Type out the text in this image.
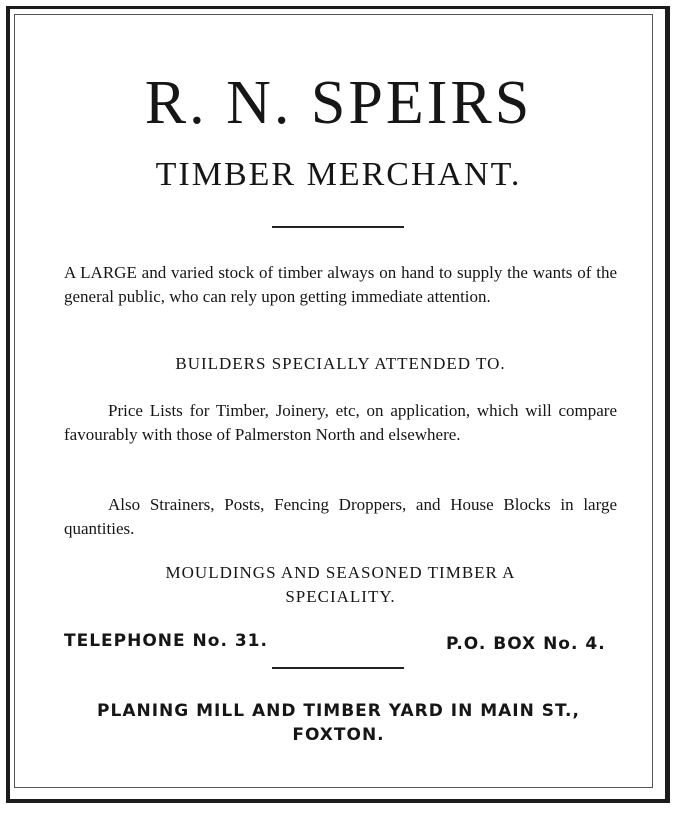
R. N. SPEIRS
TIMBER MERCHANT.
A LARGE and varied stock of timber always on hand to supply the wants of the general public, who can rely upon getting immediate attention.
BUILDERS SPECIALLY ATTENDED TO.
Price Lists for Timber, Joinery, etc, on application, which will compare favourably with those of Palmerston North and elsewhere.
Also Strainers, Posts, Fencing Droppers, and House Blocks in large quantities.
MOULDINGS AND SEASONED TIMBER A
SPECIALITY.
TELEPHONE No. 31.	P.O. BOX No. 4.
PLANING MILL AND TIMBER YARD IN MAIN ST.,
FOXTON.
